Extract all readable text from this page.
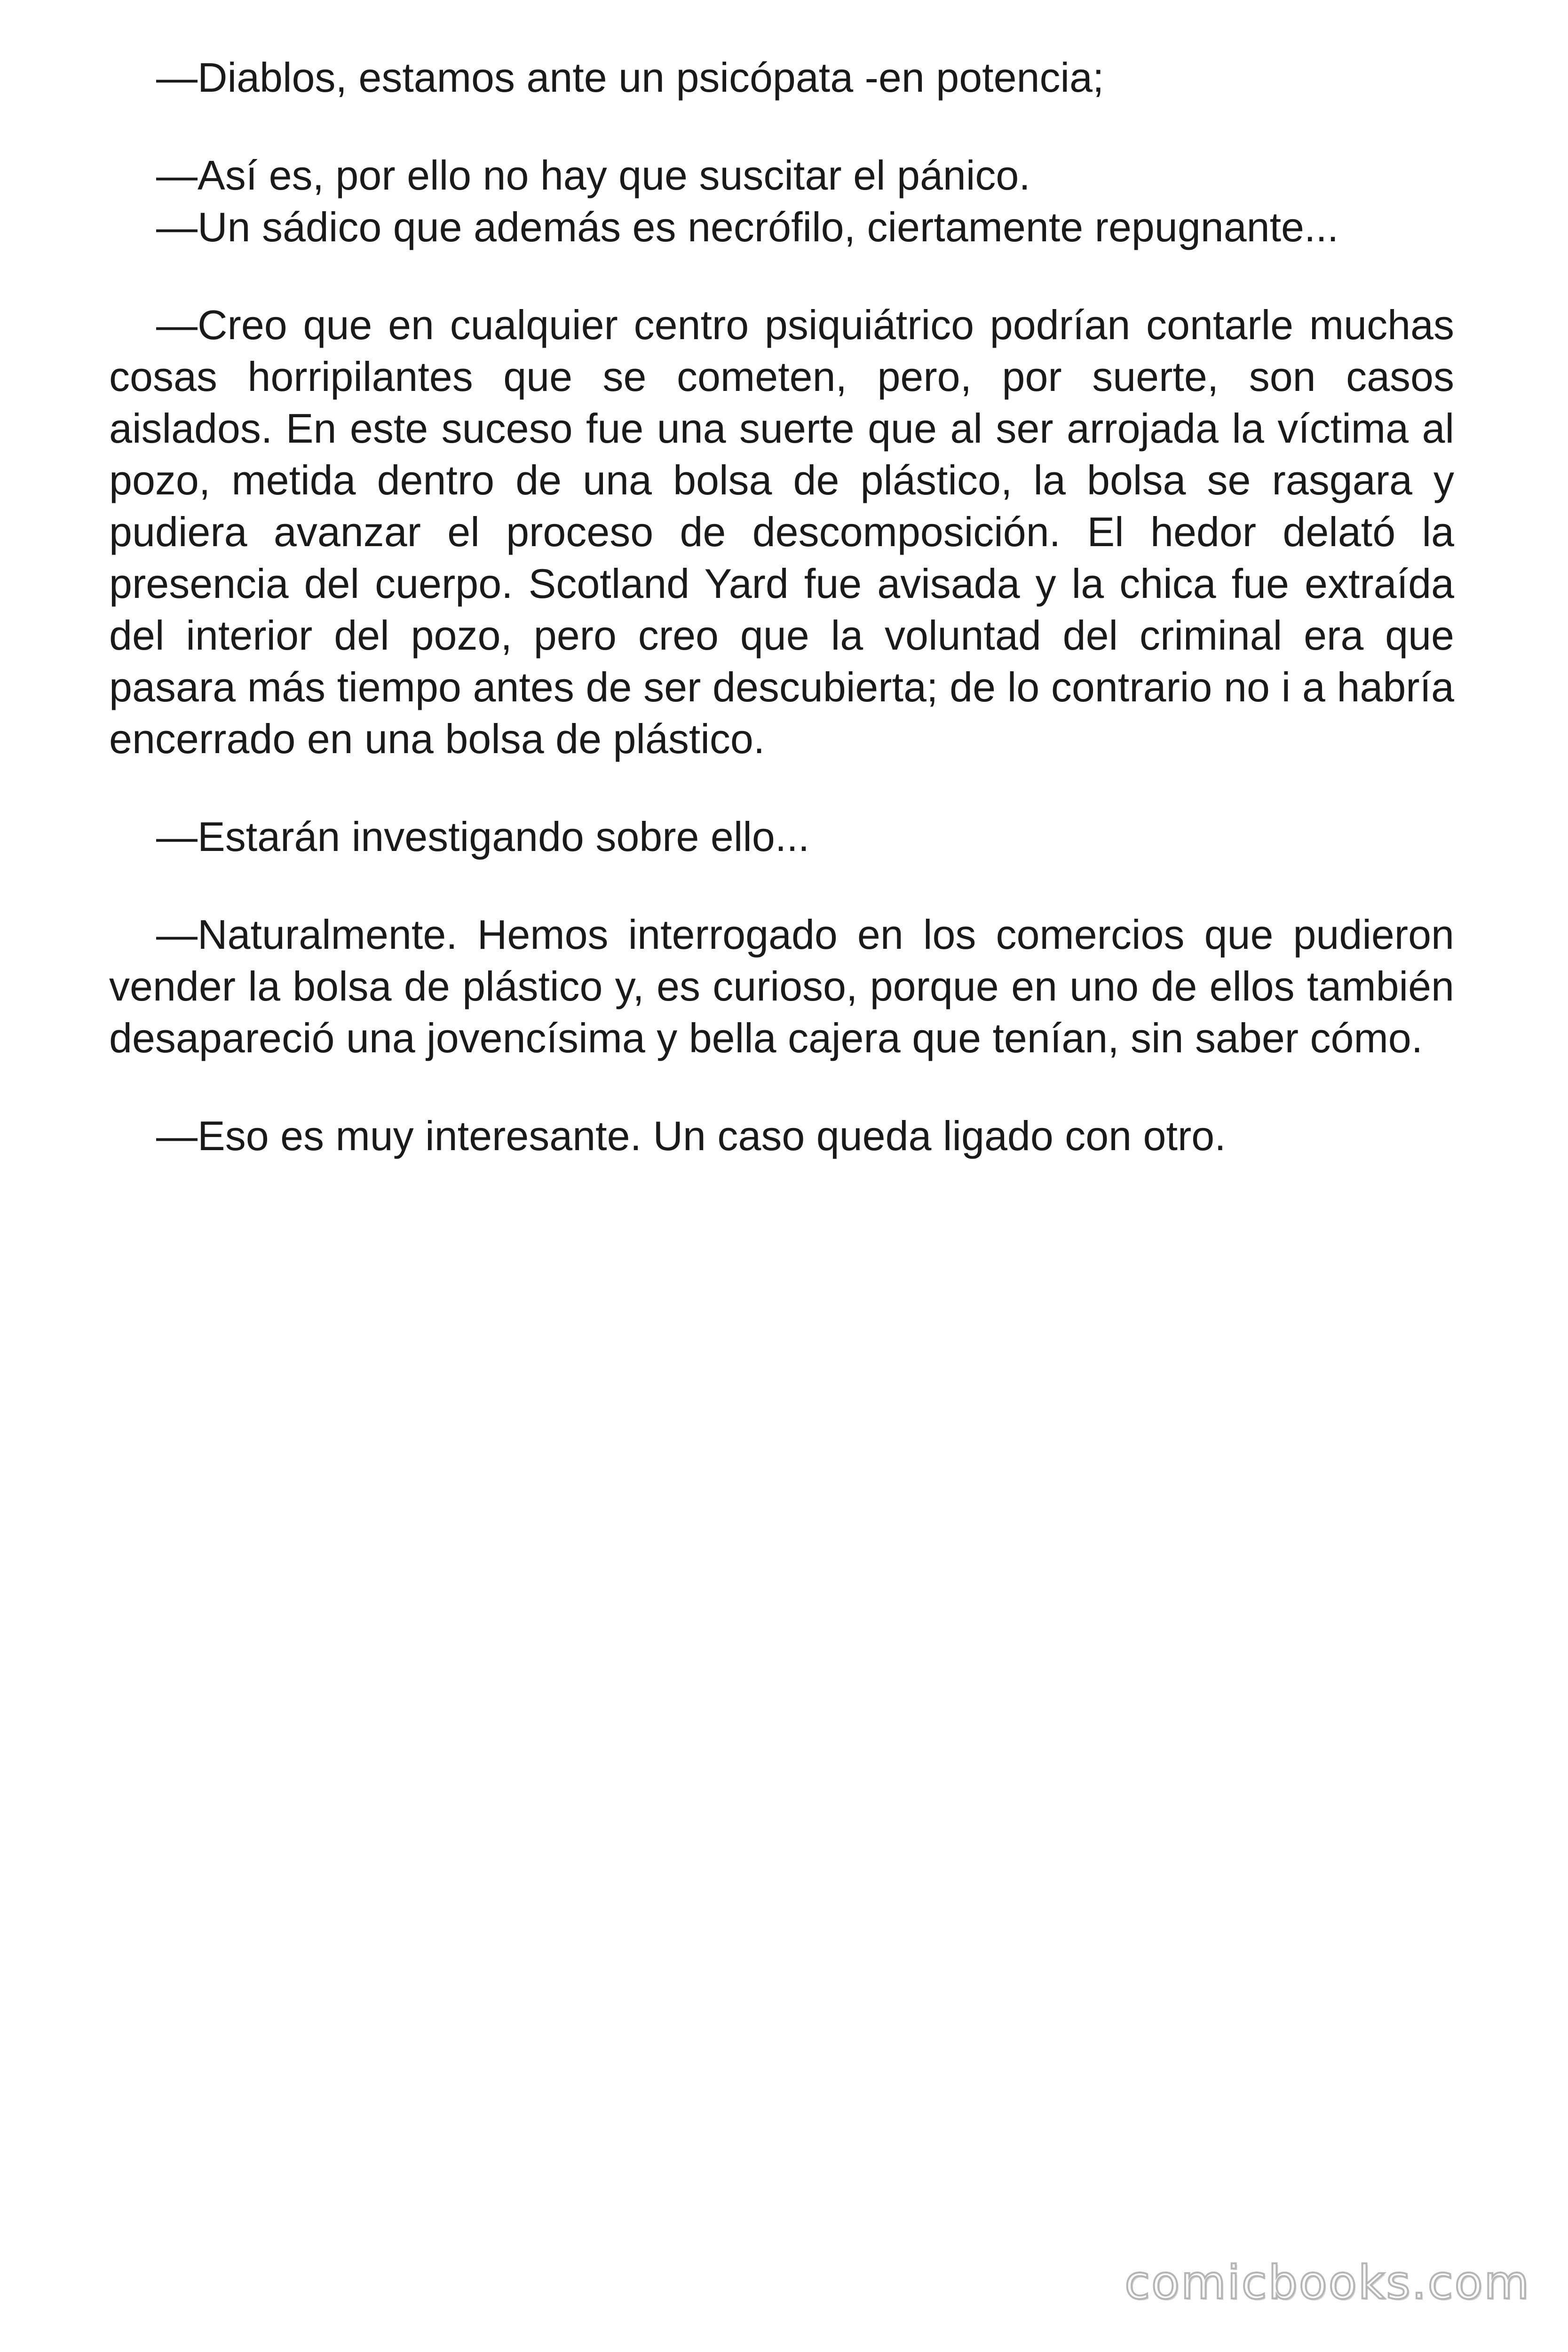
—Diablos, estamos ante un psicópata -en potencia;

—Así es, por ello no hay que suscitar el pánico.

—Un sádico que además es necrófilo, ciertamente repugnante...

—Creo que en cualquier centro psiquiátrico podrían contarle muchas cosas horripilantes que se cometen, pero, por suerte, son casos aislados. En este suceso fue una suerte que al ser arrojada la víctima al pozo, metida dentro de una bolsa de plástico, la bolsa se rasgara y pudiera avanzar el proceso de descomposición. El hedor delató la presencia del cuerpo. Scotland Yard fue avisada y la chica fue extraída del interior del pozo, pero creo que la voluntad del criminal era que pasara más tiempo antes de ser descubierta; de lo contrario no i a habría encerrado en una bolsa de plástico.

—Estarán investigando sobre ello...

—Naturalmente. Hemos interrogado en los comercios que pudieron vender la bolsa de plástico y, es curioso, porque en uno de ellos también desapareció una jovencísima y bella cajera que tenían, sin saber cómo.

—Eso es muy interesante. Un caso queda ligado con otro.

comicbooks.com
